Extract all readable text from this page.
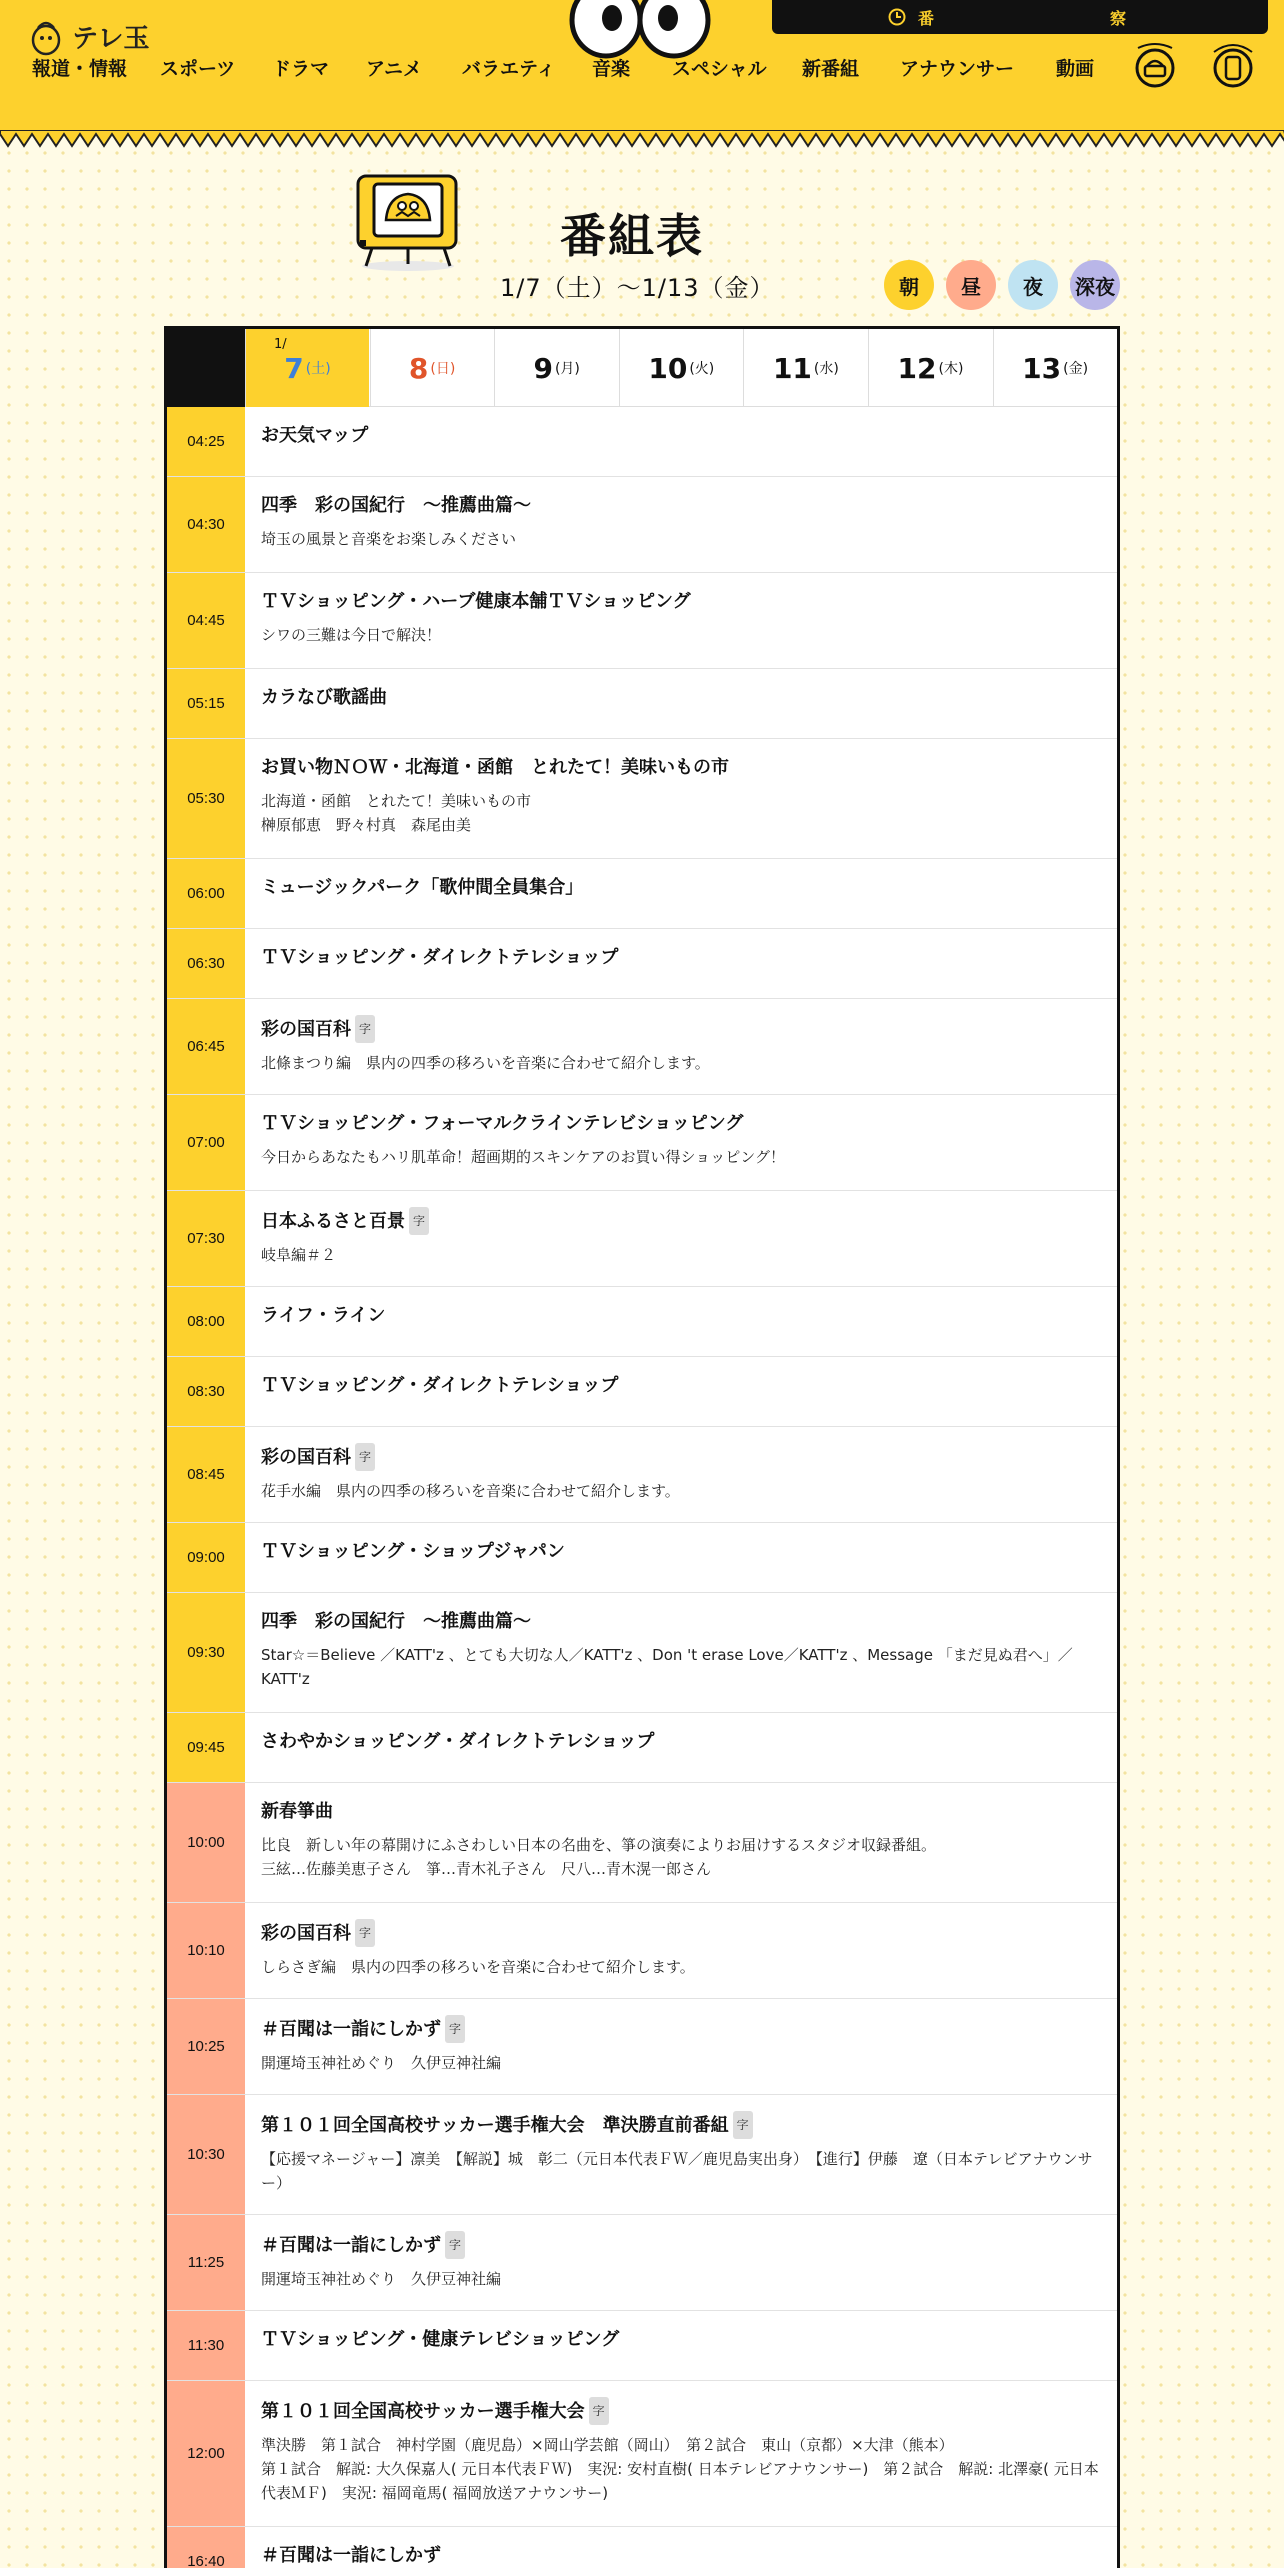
テレ玉
番	察
報道・情報 スポーツ ドラマ アニメ バラエティ 音楽 スペシャル 新番組 アナウンサー 動画
番組表
1/7（土）〜1/13（金）	朝	昼	夜	深夜
1/
7 (土)	8 (日)	9 (月) 10 (火) 11 (水) 12 (木) 13 (金)
04:25	お天気マップ
04:30
四季　彩の国紀行　～推薦曲篇～
埼玉の風景と音楽をお楽しみください
04:45
ＴＶショッピング・ハーブ健康本舗ＴＶショッピング
シワの三難は今日で解決！
05:15	カラなび歌謡曲
05:30
お買い物ＮＯＷ・北海道・函館　とれたて！美味いもの市
北海道・函館　とれたて！美味いもの市
榊原郁恵　野々村真　森尾由美
06:00	ミュージックパーク「歌仲間全員集合」
06:30	ＴＶショッピング・ダイレクトテレショップ
06:45
彩の国百科 字
北條まつり編　県内の四季の移ろいを音楽に合わせて紹介します。
07:00
ＴＶショッピング・フォーマルクラインテレビショッピング
今日からあなたもハリ肌革命！超画期的スキンケアのお買い得ショッピング！
07:30
日本ふるさと百景 字
岐阜編＃２
08:00	ライフ・ライン
08:30	ＴＶショッピング・ダイレクトテレショップ
08:45
彩の国百科 字
花手水編　県内の四季の移ろいを音楽に合わせて紹介します。
09:00	ＴＶショッピング・ショップジャパン
09:30
四季　彩の国紀行　～推薦曲篇～
Star☆＝Believe ／KATT'z 、とても大切な人／KATT'z 、Don 't erase Love／KATT'z 、Message 「まだ見ぬ君へ」／KATT'z
09:45	さわやかショッピング・ダイレクトテレショップ
10:00
新春箏曲
比良　新しい年の幕開けにふさわしい日本の名曲を、箏の演奏によりお届けするスタジオ収録番組。
三絃…佐藤美恵子さん　箏…青木礼子さん　尺八…青木滉一郎さん
10:10
彩の国百科 字
しらさぎ編　県内の四季の移ろいを音楽に合わせて紹介します。
10:25
＃百聞は一詣にしかず 字
開運埼玉神社めぐり　久伊豆神社編
10:30
第１０１回全国高校サッカー選手権大会　準決勝直前番組 字
【応援マネージャー】凛美　【解説】城　彰二（元日本代表ＦＷ／鹿児島実出身）　【進行】伊藤　遼（日本テレビアナウンサー）
11:25
＃百聞は一詣にしかず 字
開運埼玉神社めぐり　久伊豆神社編
11:30	ＴＶショッピング・健康テレビショッピング
12:00
第１０１回全国高校サッカー選手権大会 字
準決勝　第１試合　神村学園（鹿児島）×岡山学芸館（岡山）　第２試合　東山（京都）×大津（熊本）
第１試合　解説: 大久保嘉人( 元日本代表ＦＷ)　実況: 安村直樹( 日本テレビアナウンサー)　第２試合　解説: 北澤豪( 元日本代表ＭＦ)　実況: 福岡竜馬( 福岡放送アナウンサー)
16:40	＃百聞は一詣にしかず
